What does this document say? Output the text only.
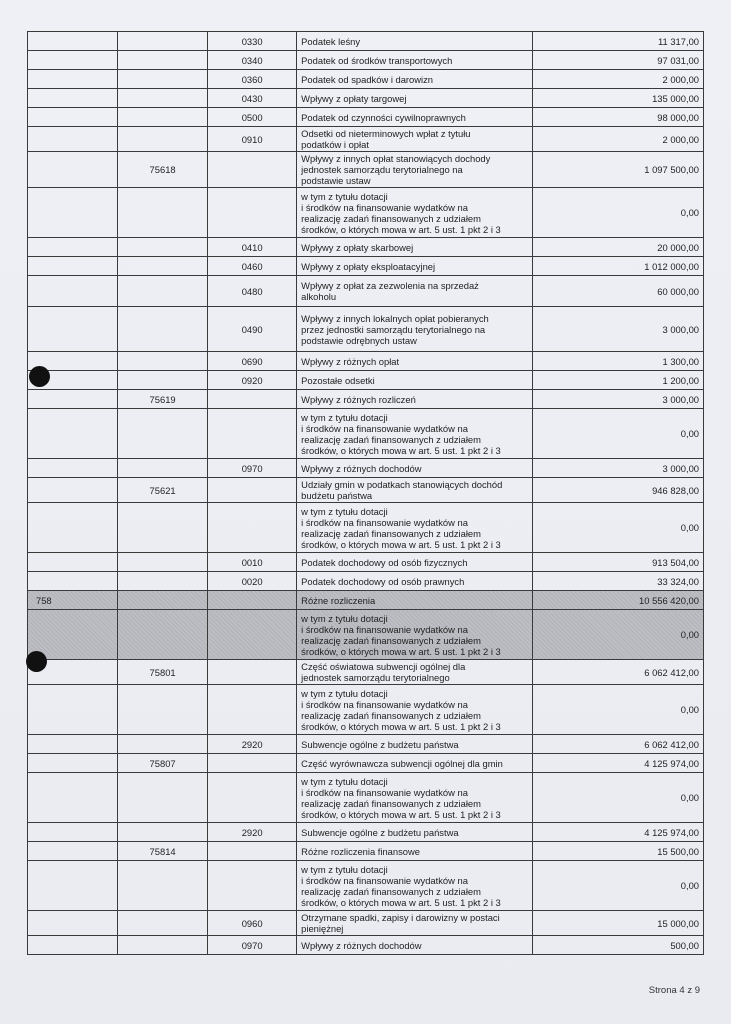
		0330	Podatek leśny	11 317,00
		0340	Podatek od środków transportowych	97 031,00
		0360	Podatek od spadków i darowizn	2 000,00
		0430	Wpływy z opłaty targowej	135 000,00
		0500	Podatek od czynności cywilnoprawnych	98 000,00
		0910	Odsetki od nieterminowych wpłat z tytułu
podatków i opłat	2 000,00
	75618		Wpływy z innych opłat stanowiących dochody
jednostek samorządu terytorialnego na
podstawie ustaw	1 097 500,00

			w tym z tytułu dotacji
i środków na finansowanie wydatków na
realizację zadań finansowanych z udziałem
środków, o których mowa w art. 5 ust. 1 pkt 2 i 3	0,00
		0410	Wpływy z opłaty skarbowej	20 000,00
		0460	Wpływy z opłaty eksploatacyjnej	1 012 000,00
		0480	Wpływy z opłat za zezwolenia na sprzedaż
alkoholu	60 000,00
		0490	Wpływy z innych lokalnych opłat pobieranych
przez jednostki samorządu terytorialnego na
podstawie odrębnych ustaw	3 000,00
		0690	Wpływy z różnych opłat	1 300,00
		0920	Pozostałe odsetki	1 200,00
	75619		Wpływy z różnych rozliczeń	3 000,00

			w tym z tytułu dotacji
i środków na finansowanie wydatków na
realizację zadań finansowanych z udziałem
środków, o których mowa w art. 5 ust. 1 pkt 2 i 3	0,00
		0970	Wpływy z różnych dochodów	3 000,00
	75621		Udziały gmin w podatkach stanowiących dochód
budżetu państwa	946 828,00

			w tym z tytułu dotacji
i środków na finansowanie wydatków na
realizację zadań finansowanych z udziałem
środków, o których mowa w art. 5 ust. 1 pkt 2 i 3	0,00
		0010	Podatek dochodowy od osób fizycznych	913 504,00
		0020	Podatek dochodowy od osób prawnych	33 324,00
758			Różne rozliczenia	10 556 420,00

			w tym z tytułu dotacji
i środków na finansowanie wydatków na
realizację zadań finansowanych z udziałem
środków, o których mowa w art. 5 ust. 1 pkt 2 i 3	0,00
	75801		Część oświatowa subwencji ogólnej dla
jednostek samorządu terytorialnego	6 062 412,00

			w tym z tytułu dotacji
i środków na finansowanie wydatków na
realizację zadań finansowanych z udziałem
środków, o których mowa w art. 5 ust. 1 pkt 2 i 3	0,00
		2920	Subwencje ogólne z budżetu państwa	6 062 412,00
	75807		Część wyrównawcza subwencji ogólnej dla gmin	4 125 974,00

			w tym z tytułu dotacji
i środków na finansowanie wydatków na
realizację zadań finansowanych z udziałem
środków, o których mowa w art. 5 ust. 1 pkt 2 i 3	0,00
		2920	Subwencje ogólne z budżetu państwa	4 125 974,00
	75814		Różne rozliczenia finansowe	15 500,00

			w tym z tytułu dotacji
i środków na finansowanie wydatków na
realizację zadań finansowanych z udziałem
środków, o których mowa w art. 5 ust. 1 pkt 2 i 3	0,00
		0960	Otrzymane spadki, zapisy i darowizny w postaci
pieniężnej	15 000,00
		0970	Wpływy z różnych dochodów	500,00
Strona 4 z 9
